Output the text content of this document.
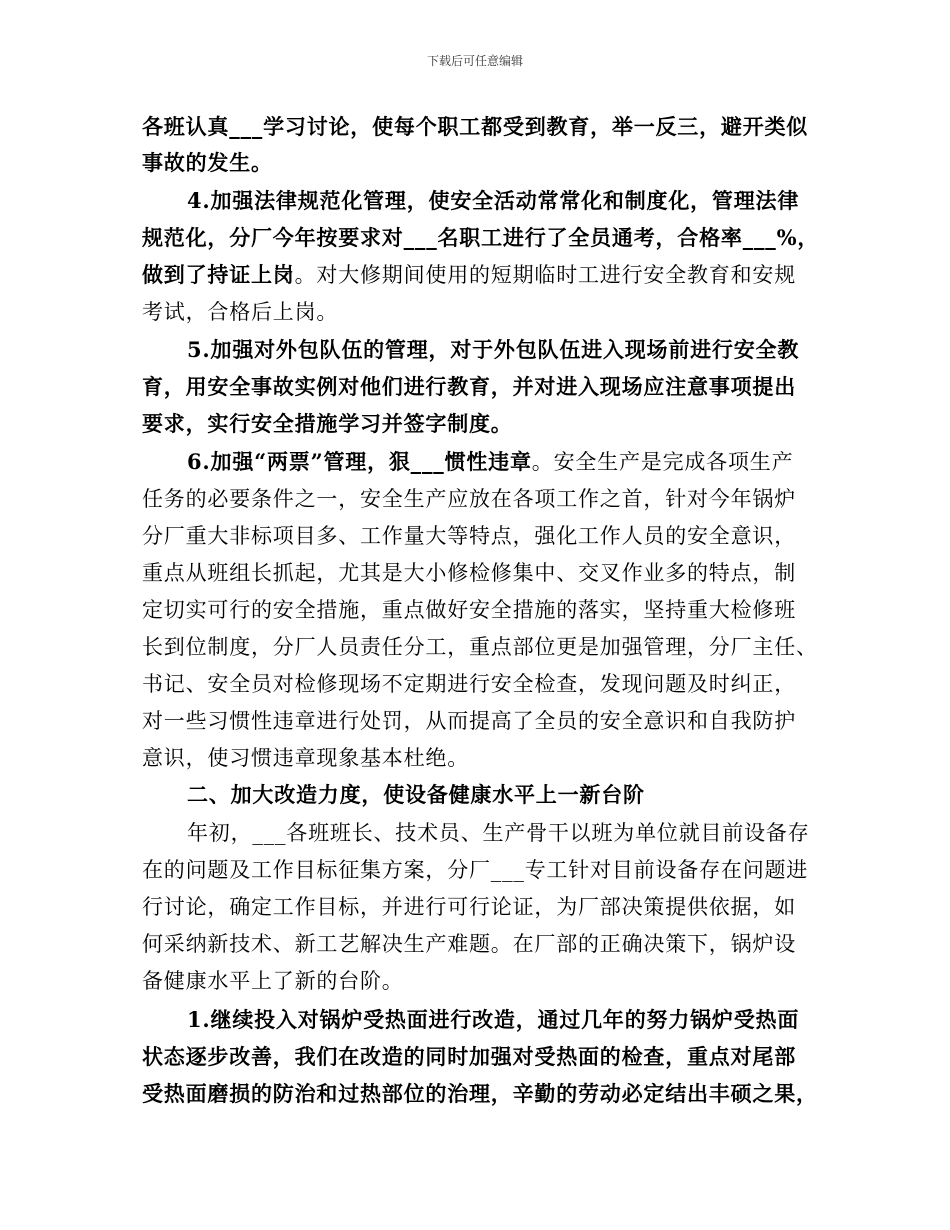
下载后可任意编辑
各班认真___学习讨论，使每个职工都受到教育，举一反三，避开类似
事故的发生。
4.加强法律规范化管理，使安全活动常常化和制度化，管理法律
规范化，分厂今年按要求对___名职工进行了全员通考，合格率___%，
做到了持证上岗。对大修期间使用的短期临时工进行安全教育和安规
考试，合格后上岗。
5.加强对外包队伍的管理，对于外包队伍进入现场前进行安全教
育，用安全事故实例对他们进行教育，并对进入现场应注意事项提出
要求，实行安全措施学习并签字制度。
6.加强“两票”管理，狠___惯性违章。安全生产是完成各项生产
任务的必要条件之一，安全生产应放在各项工作之首，针对今年锅炉
分厂重大非标项目多、工作量大等特点，强化工作人员的安全意识，
重点从班组长抓起，尤其是大小修检修集中、交叉作业多的特点，制
定切实可行的安全措施，重点做好安全措施的落实，坚持重大检修班
长到位制度，分厂人员责任分工，重点部位更是加强管理，分厂主任、
书记、安全员对检修现场不定期进行安全检查，发现问题及时纠正，
对一些习惯性违章进行处罚，从而提高了全员的安全意识和自我防护
意识，使习惯违章现象基本杜绝。
二、加大改造力度，使设备健康水平上一新台阶
年初，___各班班长、技术员、生产骨干以班为单位就目前设备存
在的问题及工作目标征集方案，分厂___专工针对目前设备存在问题进
行讨论，确定工作目标，并进行可行论证，为厂部决策提供依据，如
何采纳新技术、新工艺解决生产难题。在厂部的正确决策下，锅炉设
备健康水平上了新的台阶。
1.继续投入对锅炉受热面进行改造，通过几年的努力锅炉受热面
状态逐步改善，我们在改造的同时加强对受热面的检查，重点对尾部
受热面磨损的防治和过热部位的治理，辛勤的劳动必定结出丰硕之果，
